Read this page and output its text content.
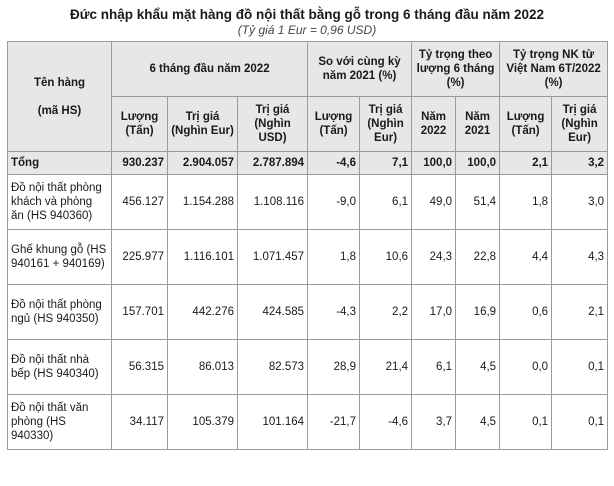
Đức nhập khẩu mặt hàng đồ nội thất bằng gỗ trong 6 tháng đầu năm 2022
(Tỷ giá 1 Eur = 0,96 USD)
Tên hàng

(mã HS)	6 tháng đầu năm 2022			So với cùng kỳ năm 2021 (%)		Tỷ trọng theo lượng 6 tháng (%)		Tỷ trọng NK từ Việt Nam 6T/2022 (%)	
	Lượng (Tấn)	Trị giá (Nghìn Eur)	Trị giá (Nghìn USD)	Lượng (Tấn)	Trị giá (Nghìn Eur)	Năm 2022	Năm 2021	Lượng (Tấn)	Trị giá (Nghìn Eur)
Tổng	930.237	2.904.057	2.787.894	-4,6	7,1	100,0	100,0	2,1	3,2
Đồ nội thất phòng khách và phòng ăn (HS 940360)	456.127	1.154.288	1.108.116	-9,0	6,1	49,0	51,4	1,8	3,0
Ghế khung gỗ (HS 940161 + 940169)	225.977	1.116.101	1.071.457	1,8	10,6	24,3	22,8	4,4	4,3
Đồ nội thất phòng ngủ (HS 940350)	157.701	442.276	424.585	-4,3	2,2	17,0	16,9	0,6	2,1
Đồ nội thất nhà bếp (HS 940340)	56.315	86.013	82.573	28,9	21,4	6,1	4,5	0,0	0,1
Đồ nội thất văn phòng (HS 940330)	34.117	105.379	101.164	-21,7	-4,6	3,7	4,5	0,1	0,1
